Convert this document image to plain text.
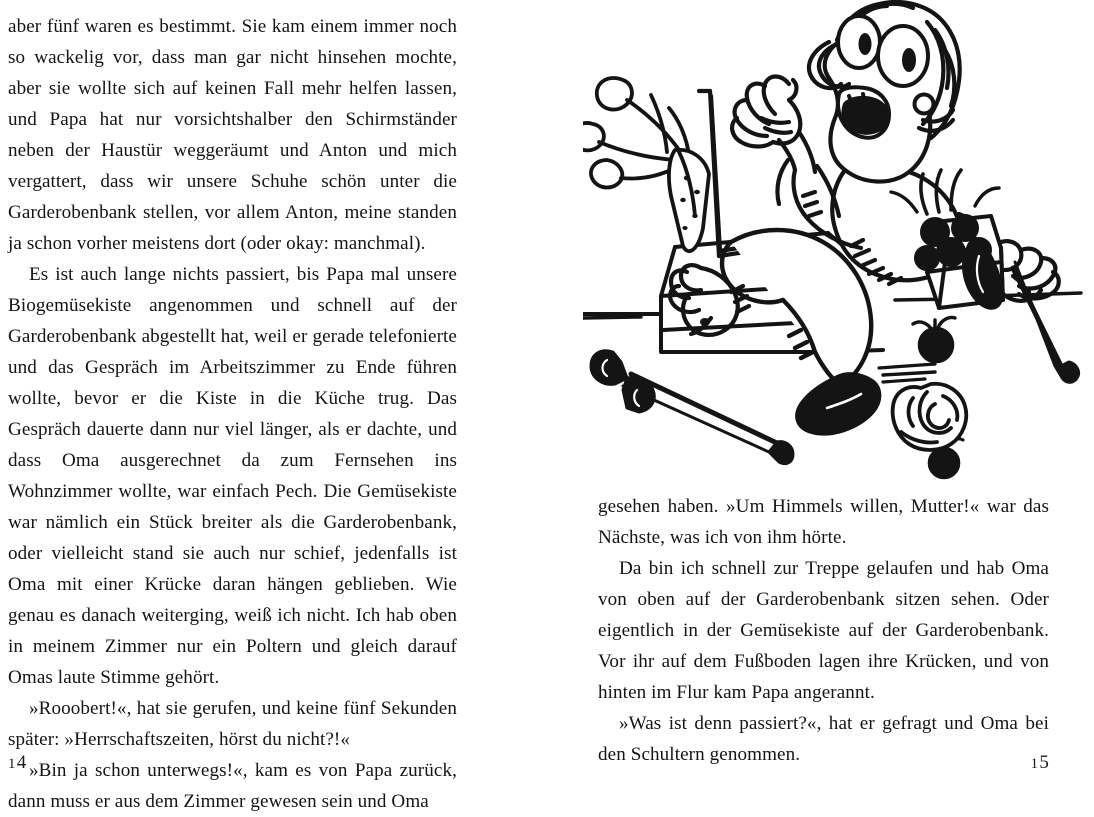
aber fünf waren es bestimmt. Sie kam einem immer noch so wackelig vor, dass man gar nicht hinsehen mochte, aber sie wollte sich auf keinen Fall mehr helfen lassen, und Papa hat nur vorsichtshalber den Schirmständer neben der Haustür weggeräumt und Anton und mich vergattert, dass wir unsere Schuhe schön unter die Garderobenbank stellen, vor allem Anton, meine standen ja schon vorher meistens dort (oder okay: manchmal).

Es ist auch lange nichts passiert, bis Papa mal unsere Biogemüsekiste angenommen und schnell auf der Garderobenbank abgestellt hat, weil er gerade telefonierte und das Gespräch im Arbeitszimmer zu Ende führen wollte, bevor er die Kiste in die Küche trug. Das Gespräch dauerte dann nur viel länger, als er dachte, und dass Oma ausgerechnet da zum Fernsehen ins Wohnzimmer wollte, war einfach Pech. Die Gemüsekiste war nämlich ein Stück breiter als die Garderobenbank, oder vielleicht stand sie auch nur schief, jedenfalls ist Oma mit einer Krücke daran hängen geblieben. Wie genau es danach weiterging, weiß ich nicht. Ich hab oben in meinem Zimmer nur ein Poltern und gleich darauf Omas laute Stimme gehört.

»Rooobert!«, hat sie gerufen, und keine fünf Sekunden später: »Herrschaftszeiten, hörst du nicht?!«

»Bin ja schon unterwegs!«, kam es von Papa zurück, dann muss er aus dem Zimmer gewesen sein und Oma

14	15

gesehen haben. »Um Himmels willen, Mutter!« war das Nächste, was ich von ihm hörte.

Da bin ich schnell zur Treppe gelaufen und hab Oma von oben auf der Garderobenbank sitzen sehen. Oder eigentlich in der Gemüsekiste auf der Garderobenbank. Vor ihr auf dem Fußboden lagen ihre Krücken, und von hinten im Flur kam Papa angerannt.

»Was ist denn passiert?«, hat er gefragt und Oma bei den Schultern genommen.
